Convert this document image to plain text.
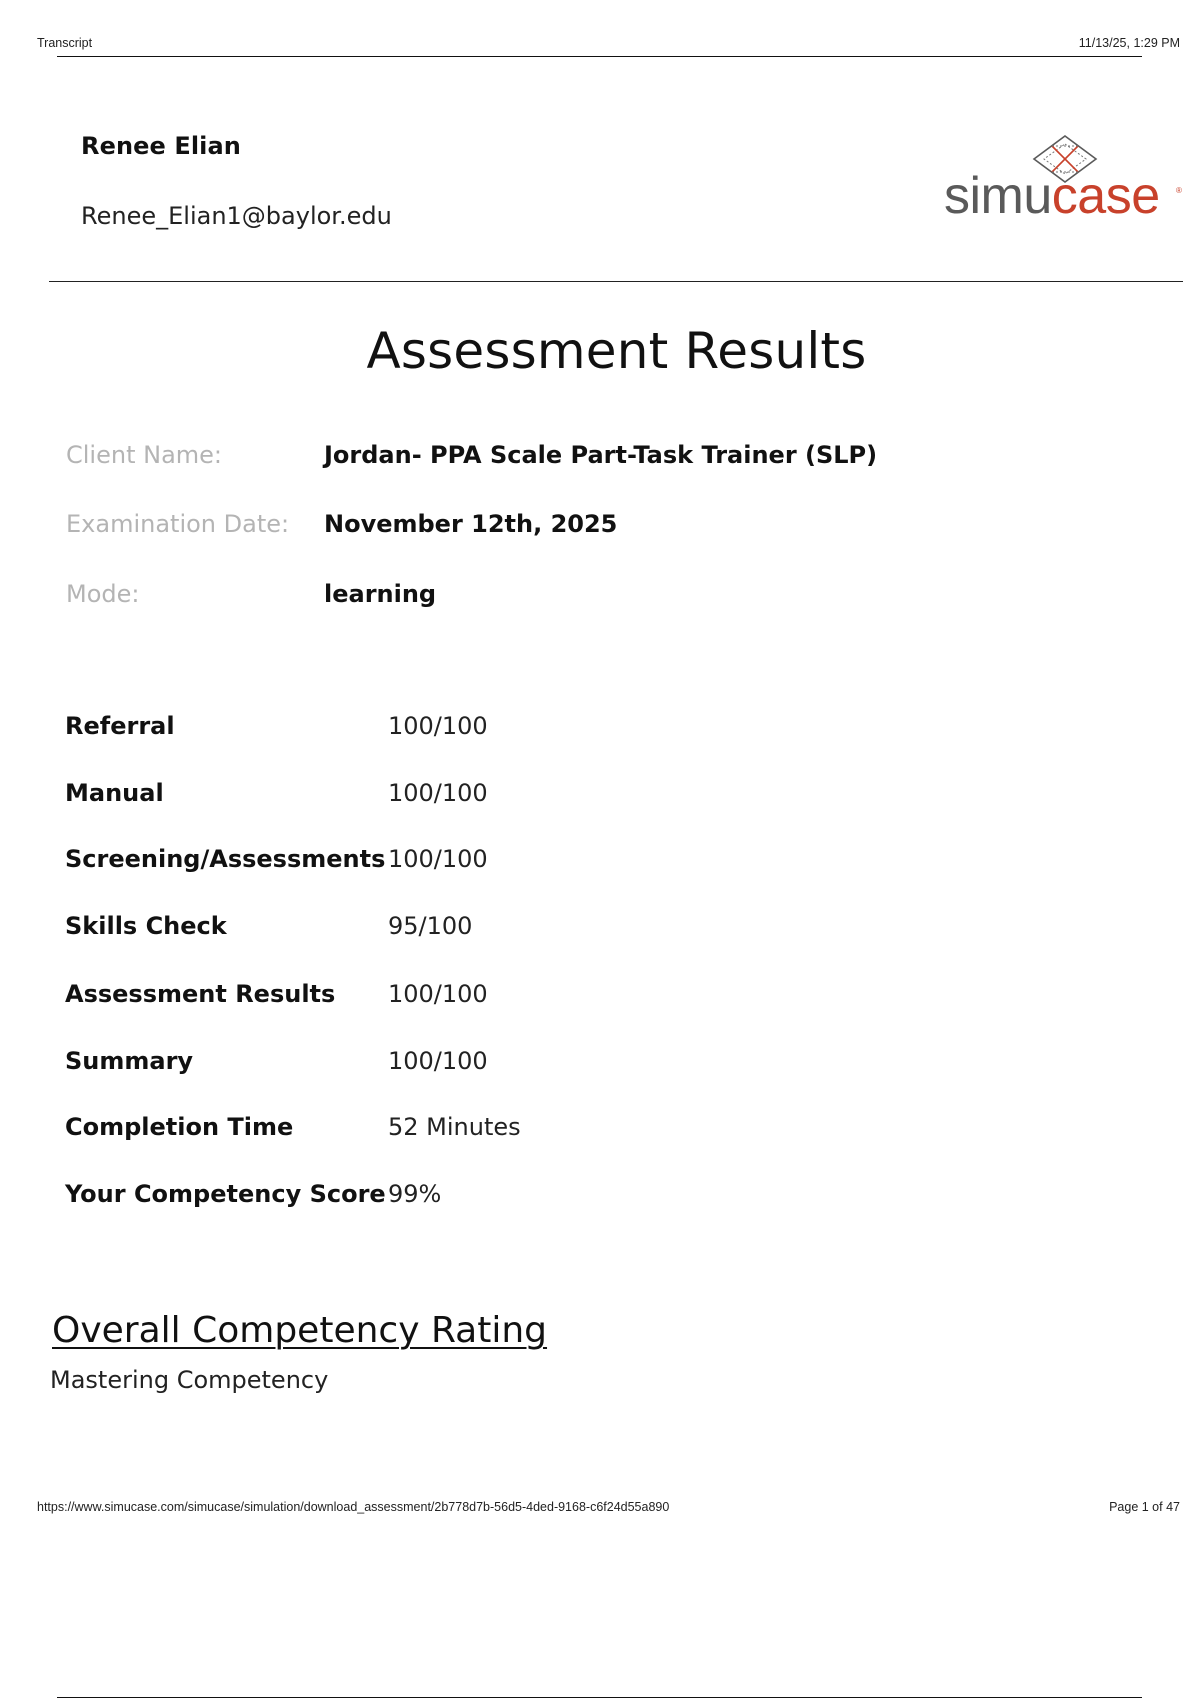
Transcript	11/13/25, 1:29 PM
Renee Elian
Renee_Elian1@baylor.edu	simucase ®
Assessment Results
Client Name:	Jordan- PPA Scale Part-Task Trainer (SLP)
Examination Date: November 12th, 2025
Mode:	learning
Referral	100/100
Manual	100/100
Screening/Assessments 100/100
Skills Check	95/100
Assessment Results 100/100
Summary	100/100
Completion Time	52 Minutes
Your Competency Score 99%
Overall Competency Rating
Mastering Competency
https://www.simucase.com/simucase/simulation/download_assessment/2b778d7b-56d5-4ded-9168-c6f24d55a890	Page 1 of 47
